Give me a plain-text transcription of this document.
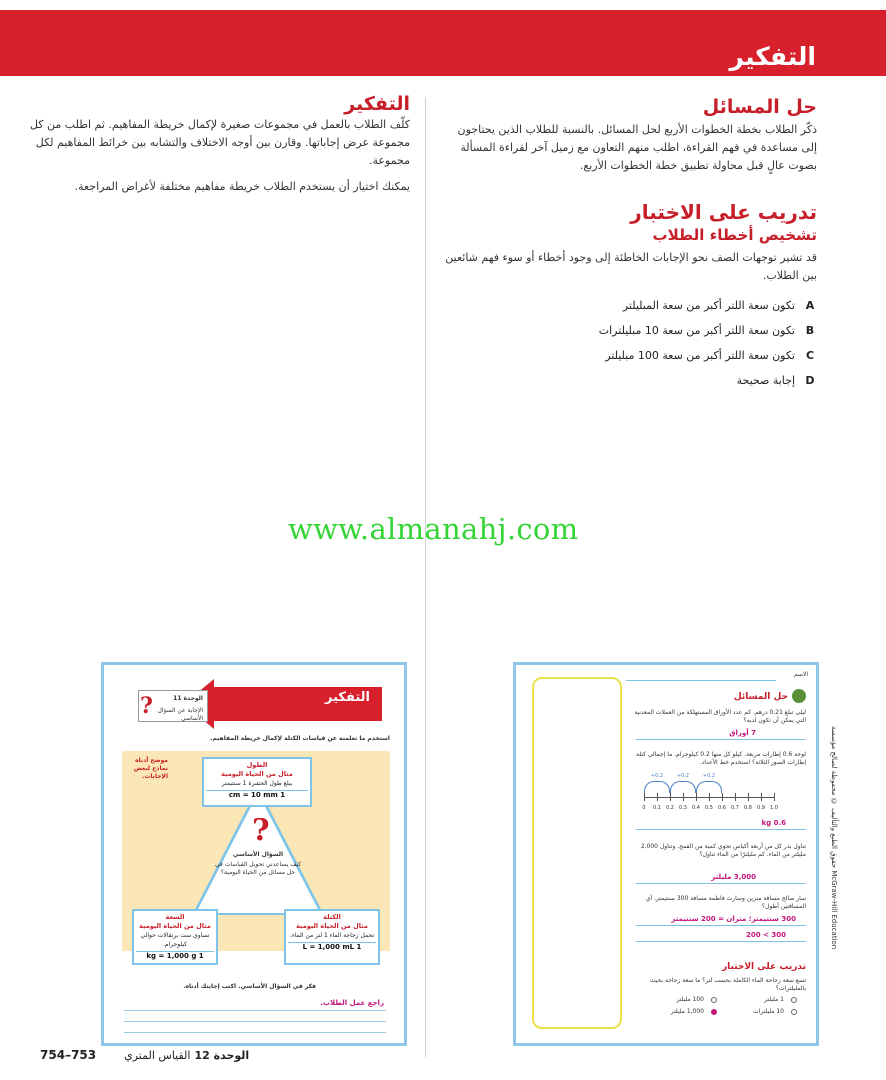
التفكير
حل المسائل
ذكّر الطلاب بخطة الخطوات الأربع لحل المسائل. بالنسبة للطلاب الذين يحتاجون إلى مساعدة في فهم القراءة، اطلب منهم التعاون مع زميل آخر لقراءة المسألة بصوت عالٍ قبل محاولة تطبيق خطة الخطوات الأربع.
تدريب على الاختبار
تشخيص أخطاء الطلاب
قد تشير توجهات الصف نحو الإجابات الخاطئة إلى وجود أخطاء أو سوء فهم شائعين بين الطلاب.
A
تكون سعة اللتر أكبر من سعة المبليلتر
B
تكون سعة اللتر أكبر من سعة 10 مبليلترات
C
تكون سعة اللتر أكبر من سعة 100 مبليلتر
D
إجابة صحيحة
التفكير
كلّف الطلاب بالعمل في مجموعات صغيرة لإكمال خريطة المفاهيم. ثم اطلب من كل مجموعة عرض إجاباتها. وقارن بين أوجه الاختلاف والتشابه بين خرائط المفاهيم لكل مجموعة.
يمكنك اختيار أن يستخدم الطلاب خريطة مفاهيم مختلفة لأغراض المراجعة.
www.almanahj.com
التفكير
الوحدة 11
الإجابة عن السؤال الأساسي
?
استخدم ما تعلمته عن قياسات الكتلة لإكمال خريطة المفاهيم.
موضح أدناه نماذج لبعض الإجابات.
الطول
مثال من الحياة اليومية
يبلغ طول الحشرة 1 سنتيمتر
1 cm = 10 mm
?
السؤال الأساسي
كيف يساعدني تحويل القياسات في حل مسائل من الحياة اليومية؟
السعة
مثال من الحياة اليومية
تساوي ست برتقالات حوالي كيلوجرام.
1 kg = 1,000 g
الكتلة
مثال من الحياة اليومية
تحمل زجاجة الماء 1 لتر من الماء.
1 L = 1,000 mL
فكر في السؤال الأساسي. اكتب إجابتك أدناه.
راجع عمل الطلاب.
الاسم
حل المسائل
ليلى تبلغ 0.21 درهم. كم عدد الأوراق المستهلكة من العملات المعدنية التي يمكن أن تكون لديه؟
7 أوراق
لوحة 0.6 إطارات مربعة. كيلو كل منها 0.2 كيلوجرام. ما إجمالي كتلة إطارات الصور الثلاثة؟ استخدم خط الأعداد.
0.6 kg
تناول بدر كل من أربعة أكياس تحوي كمية من القمح. وتناول 2,000 مليلتر من الماء. كم مليلترًا من الماء تناول؟
3,000 مليلتر
سار صالح مسافة مترين وسارت فاطمة مسافة 300 سنتيمتر. أي المسافتين أطول؟
300 سنتيمتر؛ متران = 200 سنتيمتر
300 > 200
تدريب على الاختبار
تسع سعة زجاجة الماء الكاملة بحسب لتر؟ ما سعة زجاجة بحيث بالمليلترات؟
1 مليلتر
100 مليلتر
10 مليلترات
1,000 مليلتر
0	0.1	0.2	0.3	0.4	0.5	0.6	0.7	0.8	0.9	1.0
+0.2	+0.2	+0.2	حقوق الطبع والتأليف © محفوظة لصالح مؤسسة McGraw-Hill Education
الوحدة 12
القياس المتري
753–754
